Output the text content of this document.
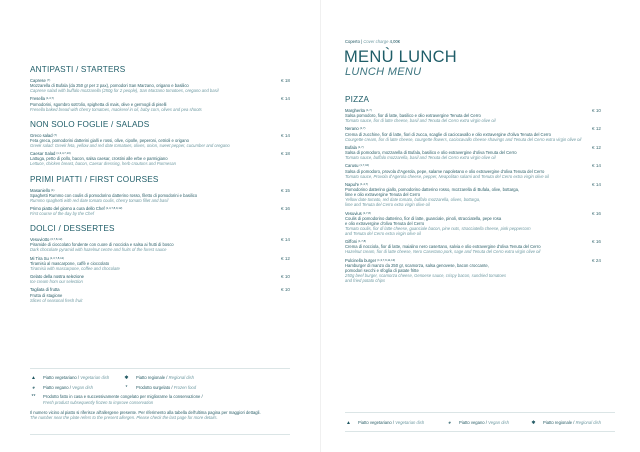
ANTIPASTI / STARTERS
Caprese$^{(7)}$
Mozzarella di Bufala (da 250 gr per 2 pax), pomodori San Marzano, origano e basilico
Caprese salad with buffalo mozzarella (250g for 2 people), San Marzano tomatoes, oregano and basil
€ 18
Fresella$^{(1,4,7)}$
Pomodorini, sgombro sott'olio, spighetta di mais, olive e germogli di piselli
Fresella baked bread with cherry tomatoes, mackerel in oil, baby corn, olives and pea shoots
€ 14
NON SOLO FOGLIE / SALADS
Greco salad$^{(7)}$
Feta greca, pomodorini datterini gialli e rossi, olive, cipolle, peperoni, cetrioli e origano
Greek salad: Greek feta, yellow and red date tomatoes, olives, onion, sweet pepper, cucumber and oregano
€ 14
Caesar Salad$^{(1,3,4,7,10)}$
Lattuga, petto di pollo, bacon, salsa caesar, crostini alle erbe e parmigiano
Lettuce, chicken breast, bacon, Caesar dressing, herb croutons and Parmesan
€ 18
PRIMI PIATTI / FIRST COURSES
Masaniello$^{(1)}$
Spaghetti Rummo con coulis di pomodorino datterino rosso, filetto di pomodorini e basilico
Rummo spaghetti with red date tomato coulis, cherry tomato fillet and basil
€ 15
Primo piatto del giorno a cura dello Chef$^{(1,4,7,8,9,12)}$
First course of the day by the Chef
€ 16
DOLCI / DESSERTES
Vesuviotto$^{(3,7,8,12)}$
Piramide di cioccolato fondente con cuore di nocciola e salsa ai frutti di bosco
Dark chocolate pyramid with hazelnut centre and fruits of the forest sauce
€ 14
Mi Tira Su$^{(1,3,7,8,12)}$
Tiramisù al mascarpone, caffè e cioccolato
Tiramisù with mascarpone, coffee and chocolate
€ 12
Gelato della nostra selezione
Ice cream from our selection
€ 10
Tagliata di frutta
Frutta di stagione
Slices of seasonal fresh fruit
€ 10
▲ Piatto vegetariano / Vegetarian dish	✱ Piatto regionale / Regional dish
◕ Piatto vegano / Vegan dish	* Prodotto surgelato / Frozen food
** Prodotto fatto in casa e successivamente congelato per migliorarne la conservazione /
Fresh product subsequently frozen to improve conservation
Il numero vicino al piatto si riferisce all'allergene presente. Per riferimento alla tabella dell'ultima pagina per maggiori dettagli.
The number near the plate refers to the present allergen. Please check the last page for more details.
Coperto | Cover charge 4,00€
MENÙ LUNCH
LUNCH MENU
PIZZA
Margherita$^{(1,7)}$
Salsa pomodoro, fior di latte, basilico e olio extravergine Tenuta del Cerro
Tomato sauce, fior di latte cheese, basil and Tenuta del Cerro extra virgin olive oil
€ 10
Nerano$^{(1,7)}$
Crema di zucchine, fior di latte, fiori di zucca, scaglie di caciocavallo e olio extravergine d'oliva Tenuta del Cerro
Courgette cream, fior di latte cheese, courgette flowers, caciocavallo cheese shavings and Tenuta del Cerro extra virgin olive oil
€ 12
Bufala$^{(1,7)}$
Salsa di pomodoro, mozzarella di Bufala, basilico e olio extravergine d'oliva Tenuta del Cerro
Tomato sauce, buffalo mozzarella, basil and Tenuta del Cerro extra virgin olive oil
€ 12
Carusu$^{(1,7,10)}$
Salsa di pomodoro, provola d'Agerola, pepe, salame napoletano e olio extravergine d'oliva Tenuta del Cerro
Tomato sauce, Provola d'Agerola cheese, pepper, Neapolitan salami and Tenuta del Cerro extra virgin olive oil
€ 14
$Napul'e^{(1,4,7)}$
Pomodorino datterino giallo, pomodorino datterino rosso, mozzarella di Bufala, olive, bottarga,
lime e olio extravergine Tenuta del Cerro
Yellow date tomato, red date tomato, buffalo mozzarella, olives, bottarga,
lime and Tenuta del Cerro extra virgin olive oil
€ 14
Vesuvius$^{(1,7,8)}$
Coulis di pomodorino datterino, fior di latte, guanciale, pinoli, stracciatella, pepe rosa
e olio extravergine d'oliva Tenuta del Cerro
Tomato coulis, fior di latte cheese, guanciale bacon, pine nuts, stracciatella cheese, pink peppercorn
and Tenuta del Cerro extra virgin olive oil
€ 16
Giffoni$^{(1,7,8)}$
Crema di nocciola, fior di latte, maialino nero casertano, salvia e olio extravergine d'oliva Tenuta del Cerro
Hazelnut cream, fior di latte cheese, Nero Casertano pork, sage and Tenuta del Cerro extra virgin olive oil
€ 16
Pulcinella burger$^{(1,3,7,9,11,13)}$
Hamburger di manzo da 250 gr, scamorza, salsa genovese, bacon croccante,
pomodori secchi e sfoglia di patate fritte
250g beef burger, scamorza cheese, Genoese sauce, crispy bacon, sundried tomatoes
and fried potato chips
€ 24
▲ Piatto vegetariano / Vegetarian dish	◕ Piatto vegano / Vegan dish	✱ Piatto regionale / Regional dish
